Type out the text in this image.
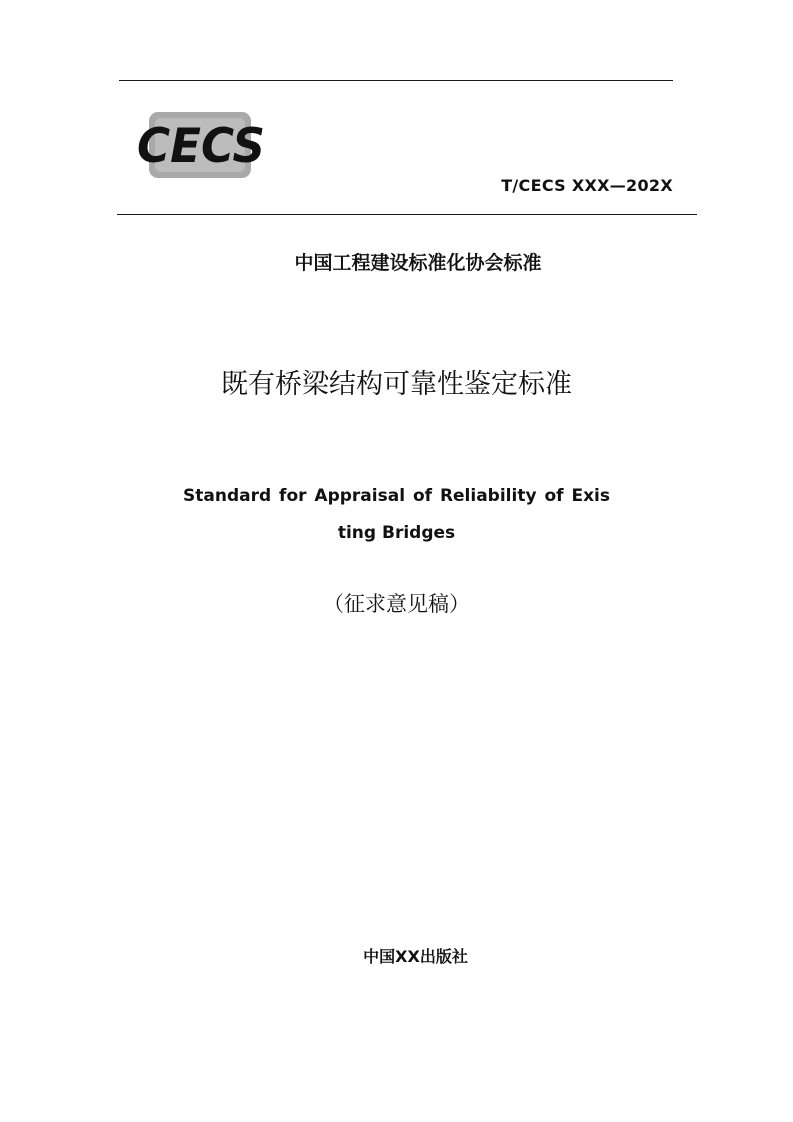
CECS
T/CECS XXX—202X
中国工程建设标准化协会标准
既有桥梁结构可靠性鉴定标准
Standard for Appraisal of Reliability of Exis
ting Bridges
（征求意见稿）
中国XX出版社
